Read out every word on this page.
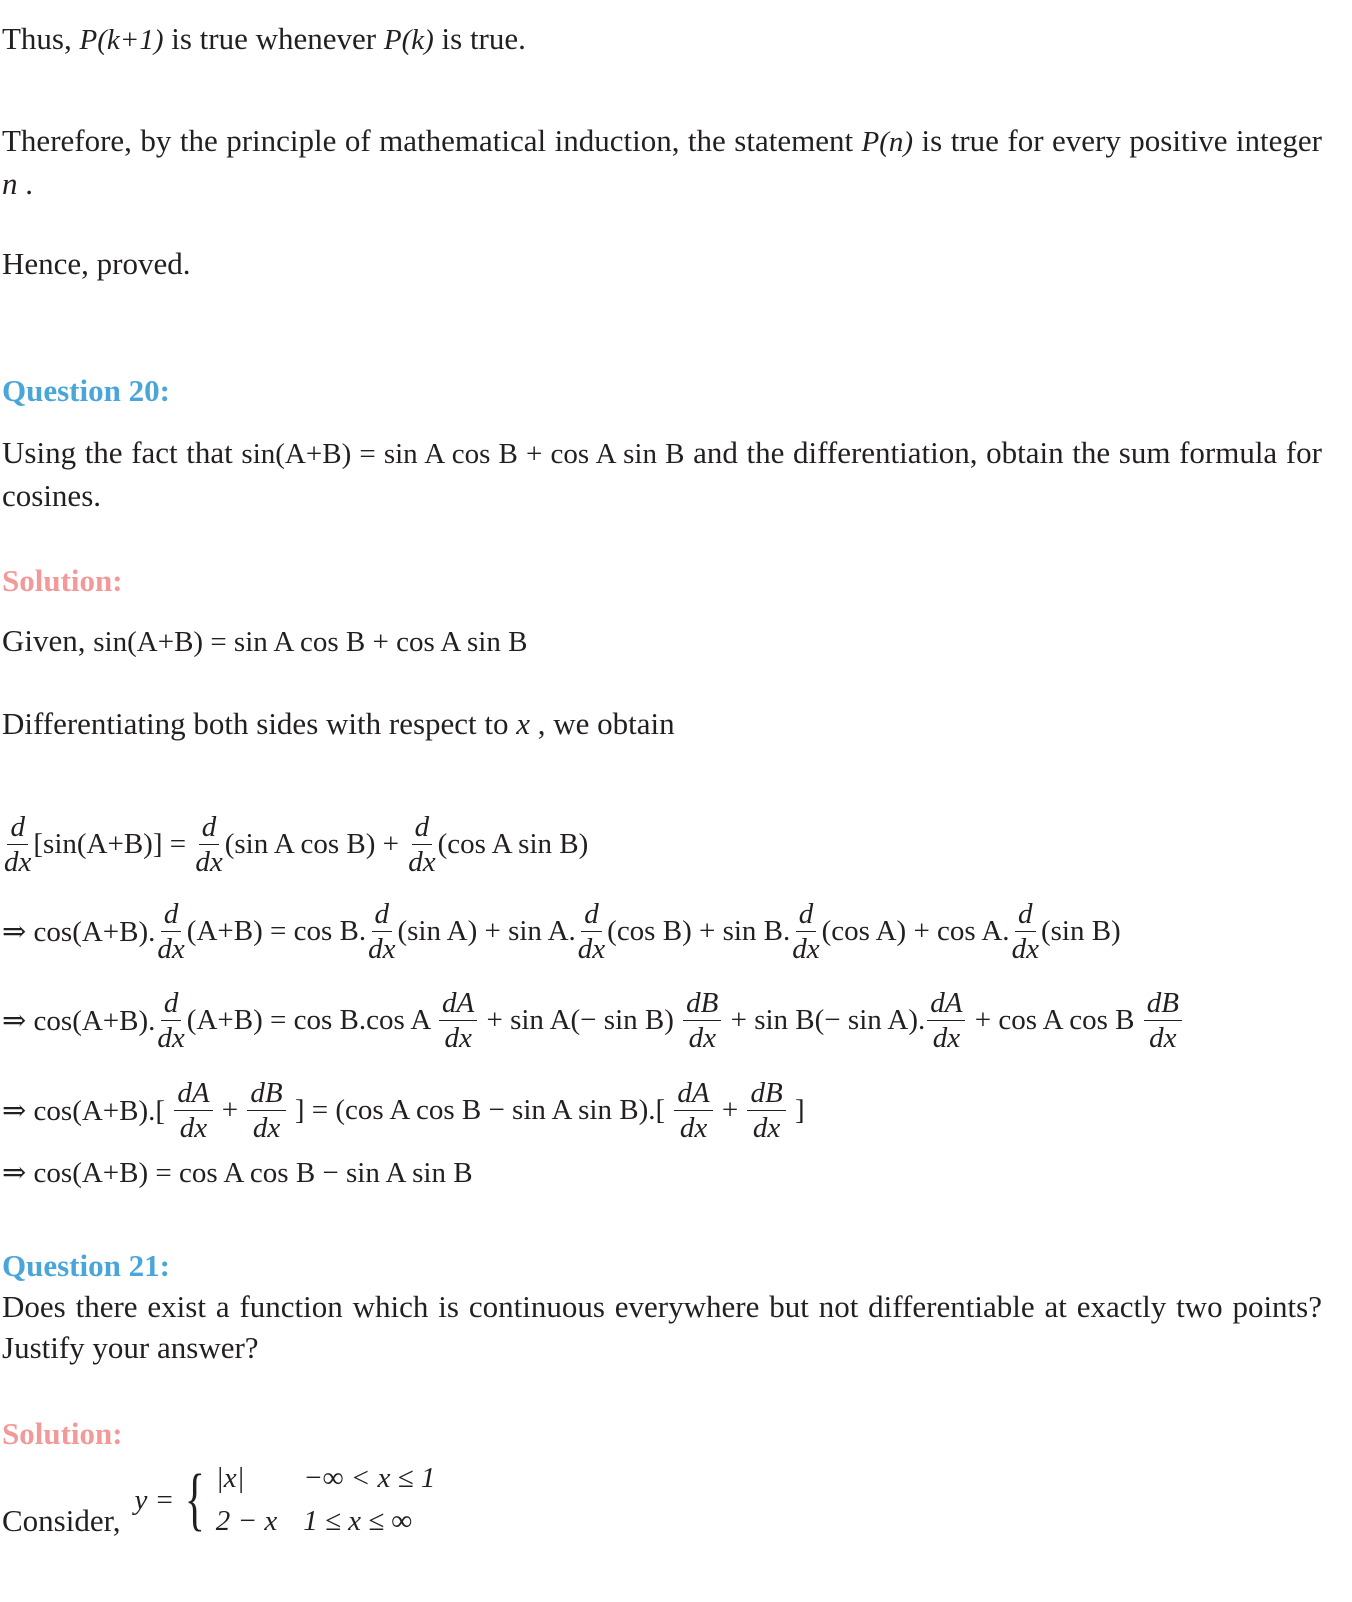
Thus, P(k+1) is true whenever P(k) is true.
Therefore, by the principle of mathematical induction, the statement P(n) is true for every positive integer n .
Hence, proved.
Question 20:
Using the fact that sin(A+B) = sin A cos B + cos A sin B and the differentiation, obtain the sum formula for cosines.
Solution:
Given, sin(A+B) = sin A cos B + cos A sin B
Differentiating both sides with respect to x , we obtain
$\frac{d}{dx} [\sin(A+B)] = \frac{d}{dx} (\sin$ A $\cos B) + \frac{d}{dx} (\cos$ A sin B)
⇒ cos(A+B). $\frac{d}{dx} (A+B) = \cos B$. $\frac{d}{dx} (\sin$ A) + sin A. $\frac{d}{dx} (\cos$ B) + sin B. $\frac{d}{dx} (\cos$ A) + cos A. $\frac{d}{dx} (\sin$ B)
⇒ cos(A+B). $\frac{d}{dx} (A+B) = \cos B.\cos$ A $\frac{dA}{dx} + \sin A(- \sin B) \frac{dB}{dx} + \sin B(- \sin A)$. $\frac{dA}{dx} + \cos A$ cos B $\frac{dB}{dx}$
⇒ $\cos(A+B).[ \frac{dA}{dx} + \frac{dB}{dx}$ ] = (cos A cos B − sin A $\sin B).[ \frac{dA}{dx} + \frac{dB}{dx}$ ]
⇒ cos(A+B) = cos A cos B − sin A sin B
Question 21:
Does there exist a function which is continuous everywhere but not differentiable at exactly two points? Justify your answer?
Solution:
Consider,
y = { |x|	−∞ < x ≤ 1
2 − x 1 ≤ x ≤ ∞
